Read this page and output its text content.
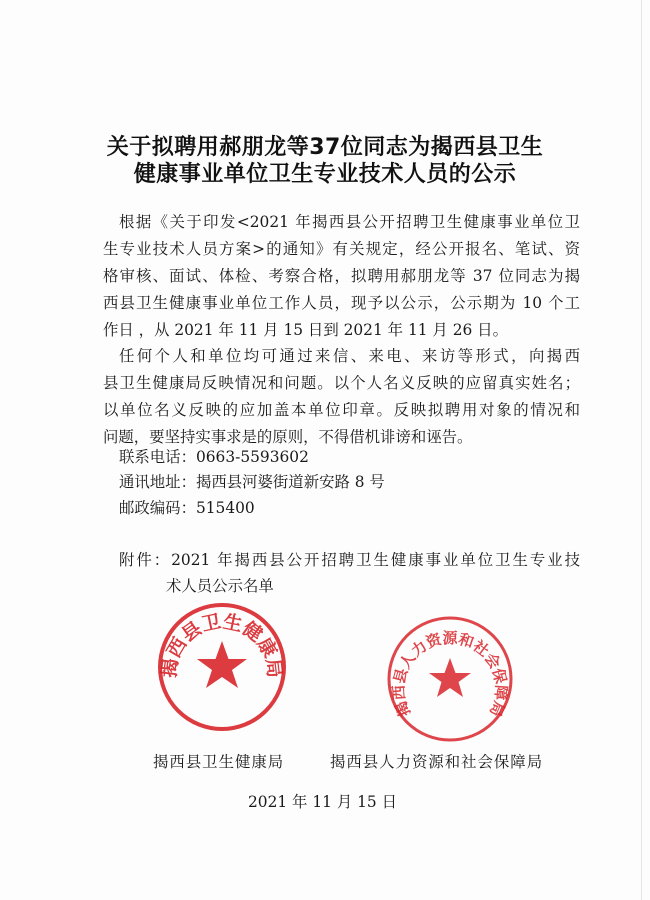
关于拟聘用郝朋龙等37位同志为揭西县卫生
健康事业单位卫生专业技术人员的公示
根据《关于印发<2021 年揭西县公开招聘卫生健康事业单位卫
生专业技术人员方案>的通知》有关规定，经公开报名、笔试、资
格审核、面试、体检、考察合格，拟聘用郝朋龙等 37 位同志为揭
西县卫生健康事业单位工作人员，现予以公示，公示期为 10 个工
作日 ，从 2021 年 11 月 15 日到 2021 年 11 月 26 日。
任何个人和单位均可通过来信、来电、来访等形式，向揭西
县卫生健康局反映情况和问题。以个人名义反映的应留真实姓名；
以单位名义反映的应加盖本单位印章。反映拟聘用对象的情况和
问题，要坚持实事求是的原则，不得借机诽谤和诬告。
联系电话：0663-5593602
通讯地址：揭西县河婆街道新安路 8 号
邮政编码：515400
附件：2021 年揭西县公开招聘卫生健康事业单位卫生专业技
术人员公示名单
揭西县卫生健康局
揭西县人力资源和社会保障局
揭西县卫生健康局	揭西县人力资源和社会保障局
2021 年 11 月 15 日
